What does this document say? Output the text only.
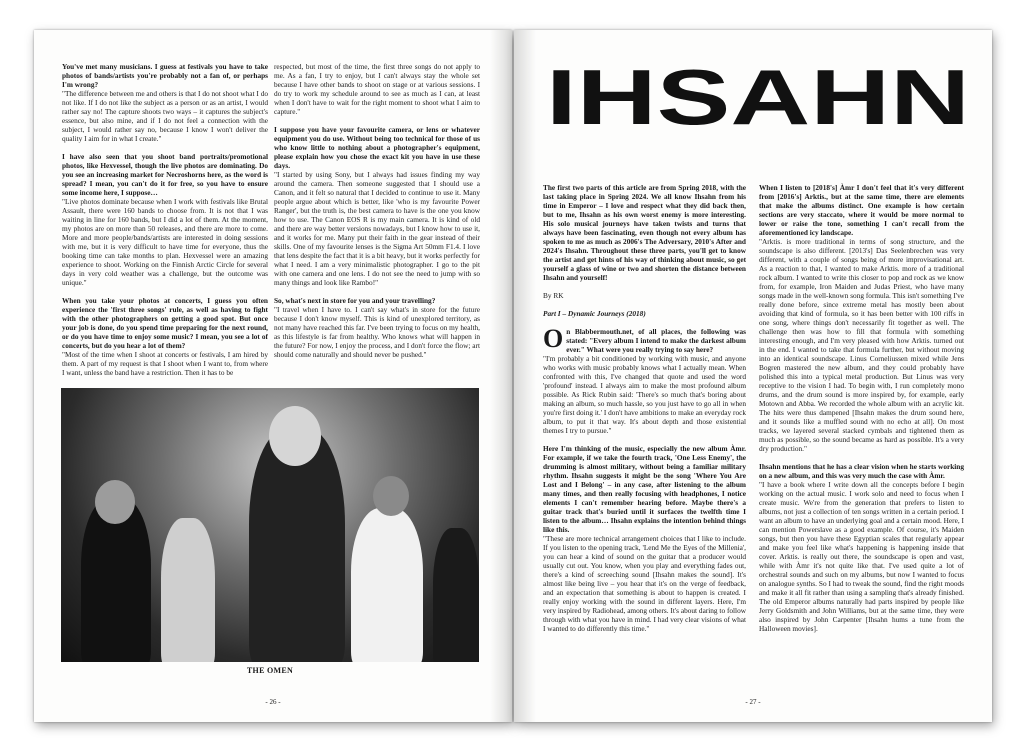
You've met many musicians. I guess at festivals you have to take photos of bands/artists you're probably not a fan of, or perhaps I'm wrong?

"The difference between me and others is that I do not shoot what I do not like. If I do not like the subject as a person or as an artist, I would rather say no! The capture shoots two ways – it captures the subject's essence, but also mine, and if I do not feel a connection with the subject, I would rather say no, because I know I won't deliver the quality I aim for in what I create."

I have also seen that you shoot band portraits/promotional photos, like Hexvessel, though the live photos are dominating. Do you see an increasing market for Necroshorns here, as the word is spread? I mean, you can't do it for free, so you have to ensure some income here, I suppose…

"Live photos dominate because when I work with festivals like Brutal Assault, there were 160 bands to choose from. It is not that I was waiting in line for 160 bands, but I did a lot of them. At the moment, my photos are on more than 50 releases, and there are more to come. More and more people/bands/artists are interested in doing sessions with me, but it is very difficult to have time for everyone, thus the booking time can take months to plan. Hexvessel were an amazing experience to shoot. Working on the Finnish Arctic Circle for several days in very cold weather was a challenge, but the outcome was unique."

When you take your photos at concerts, I guess you often experience the 'first three songs' rule, as well as having to fight with the other photographers on getting a good spot. But once your job is done, do you spend time preparing for the next round, or do you have time to enjoy some music? I mean, you see a lot of concerts, but do you hear a lot of them?

"Most of the time when I shoot at concerts or festivals, I am hired by them. A part of my request is that I shoot when I want to, from where I want, unless the band have a restriction. Then it has to be

respected, but most of the time, the first three songs do not apply to me. As a fan, I try to enjoy, but I can't always stay the whole set because I have other bands to shoot on stage or at various sessions. I do try to work my schedule around to see as much as I can, at least when I don't have to wait for the right moment to shoot what I aim to capture."

I suppose you have your favourite camera, or lens or whatever equipment you do use. Without being too technical for those of us who know little to nothing about a photographer's equipment, please explain how you chose the exact kit you have in use these days.

"I started by using Sony, but I always had issues finding my way around the camera. Then someone suggested that I should use a Canon, and it felt so natural that I decided to continue to use it. Many people argue about which is better, like 'who is my favourite Power Ranger', but the truth is, the best camera to have is the one you know how to use. The Canon EOS R is my main camera. It is kind of old and there are way better versions nowadays, but I know how to use it, and it works for me. Many put their faith in the gear instead of their skills. One of my favourite lenses is the Sigma Art 50mm F1.4. I love that lens despite the fact that it is a bit heavy, but it works perfectly for what I need. I am a very minimalistic photographer. I go to the pit with one camera and one lens. I do not see the need to jump with so many things and look like Rambo!"

So, what's next in store for you and your travelling?

"I travel when I have to. I can't say what's in store for the future because I don't know myself. This is kind of unexplored territory, as not many have reached this far. I've been trying to focus on my health, as this lifestyle is far from healthy. Who knows what will happen in the future? For now, I enjoy the process, and I don't force the flow; art should come naturally and should never be pushed."

THE OMEN
- 26 -
IHSAHN

The first two parts of this article are from Spring 2018, with the last taking place in Spring 2024. We all know Ihsahn from his time in Emperor – I love and respect what they did back then, but to me, Ihsahn as his own worst enemy is more interesting. His solo musical journeys have taken twists and turns that always have been fascinating, even though not every album has spoken to me as much as 2006's The Adversary, 2010's After and 2024's Ihsahn. Throughout these three parts, you'll get to know the artist and get hints of his way of thinking about music, so get yourself a glass of wine or two and shorten the distance between Ihsahn and yourself!

By RK

Part I – Dynamic Journeys (2018)

On Blabbermouth.net, of all places, the following was stated: "Every album I intend to make the darkest album ever." What were you really trying to say here?

"I'm probably a bit conditioned by working with music, and anyone who works with music probably knows what I actually mean. When confronted with this, I've changed that quote and used the word 'profound' instead. I always aim to make the most profound album possible. As Rick Rubin said: 'There's so much that's boring about making an album, so much hassle, so you just have to go all in when you're first doing it.' I don't have ambitions to make an everyday rock album, to put it that way. It's about depth and those existential themes I try to pursue."

Here I'm thinking of the music, especially the new album Àmr. For example, if we take the fourth track, 'One Less Enemy', the drumming is almost military, without being a familiar military rhythm. Ihsahn suggests it might be the song 'Where You Are Lost and I Belong' – in any case, after listening to the album many times, and then really focusing with headphones, I notice elements I can't remember hearing before. Maybe there's a guitar track that's buried until it surfaces the twelfth time I listen to the album… Ihsahn explains the intention behind things like this.

"These are more technical arrangement choices that I like to include. If you listen to the opening track, 'Lend Me the Eyes of the Millenia', you can hear a kind of sound on the guitar that a producer would usually cut out. You know, when you play and everything fades out, there's a kind of screeching sound [Ihsahn makes the sound]. It's almost like being live – you hear that it's on the verge of feedback, and an expectation that something is about to happen is created. I really enjoy working with the sound in different layers. Here, I'm very inspired by Radiohead, among others. It's about daring to follow through with what you have in mind. I had very clear visions of what I wanted to do differently this time."

When I listen to [2018's] Àmr I don't feel that it's very different from [2016's] Arktis., but at the same time, there are elements that make the albums distinct. One example is how certain sections are very staccato, where it would be more normal to lower or raise the tone, something I can't recall from the aforementioned icy landscape.

"Arktis. is more traditional in terms of song structure, and the soundscape is also different. [2013's] Das Seelenbrechen was very different, with a couple of songs being of more improvisational art. As a reaction to that, I wanted to make Arktis. more of a traditional rock album. I wanted to write this closer to pop and rock as we know from, for example, Iron Maiden and Judas Priest, who have many songs made in the well-known song formula. This isn't something I've really done before, since extreme metal has mostly been about avoiding that kind of formula, so it has been better with 100 riffs in one song, where things don't necessarily fit together as well. The challenge then was how to fill that formula with something interesting enough, and I'm very pleased with how Arktis. turned out in the end. I wanted to take that formula further, but without moving into an identical soundscape. Linus Corneliussen mixed while Jens Bogren mastered the new album, and they could probably have polished this into a typical metal production. But Linus was very receptive to the vision I had. To begin with, I run completely mono drums, and the drum sound is more inspired by, for example, early Motown and Abba. We recorded the whole album with an acrylic kit. The hits were thus dampened [Ihsahn makes the drum sound here, and it sounds like a muffled sound with no echo at all]. On most tracks, we layered several stacked cymbals and tightened them as much as possible, so the sound became as hard as possible. It's a very dry production."

Ihsahn mentions that he has a clear vision when he starts working on a new album, and this was very much the case with Àmr.

"I have a book where I write down all the concepts before I begin working on the actual music. I work solo and need to focus when I create music. We're from the generation that prefers to listen to albums, not just a collection of ten songs written in a certain period. I want an album to have an underlying goal and a certain mood. Here, I can mention Powerslave as a good example. Of course, it's Maiden songs, but then you have these Egyptian scales that regularly appear and make you feel like what's happening is happening inside that cover. Arktis. is really out there, the soundscape is open and vast, while with Àmr it's not quite like that. I've used quite a lot of orchestral sounds and such on my albums, but now I wanted to focus on analogue synths. So I had to tweak the sound, find the right moods and make it all fit rather than using a sampling that's already finished. The old Emperor albums naturally had parts inspired by people like Jerry Goldsmith and John Williams, but at the same time, they were also inspired by John Carpenter [Ihsahn hums a tune from the Halloween movies].

- 27 -
